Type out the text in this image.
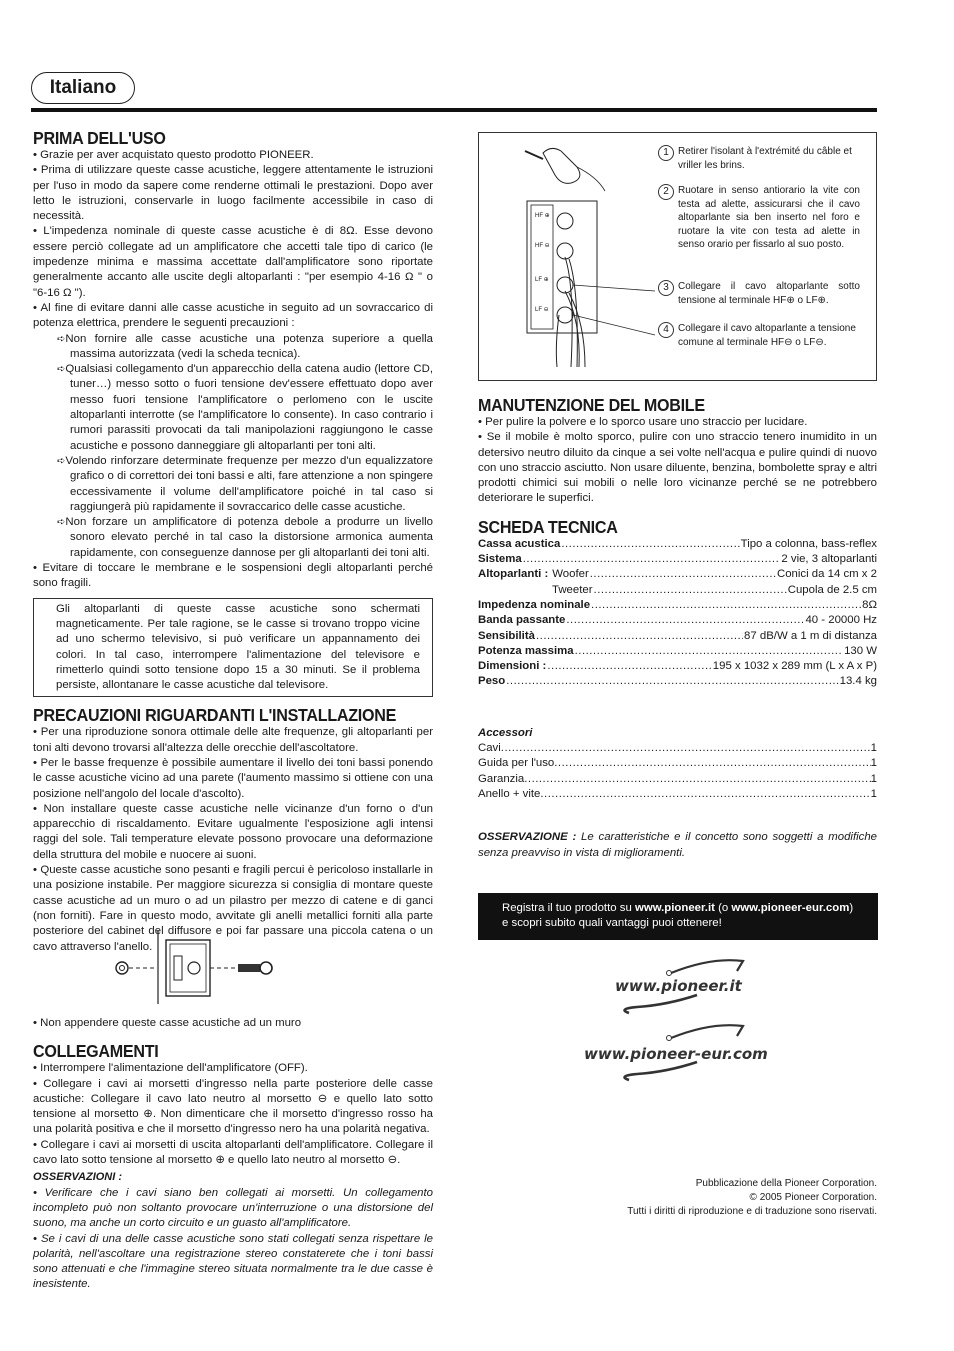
Italiano
PRIMA DELL'USO

• Grazie per aver acquistato questo prodotto PIONEER.

• Prima di utilizzare queste casse acustiche, leggere attentamente le istruzioni per l'uso in modo da sapere come renderne ottimali le prestazioni. Dopo aver letto le istruzioni, conservarle in luogo facilmente accessibile in caso di necessità.

• L'impedenza nominale di queste casse acustiche è di 8Ω. Esse devono essere perciò collegate ad un amplificatore che accetti tale tipo di carico (le impedenze minima e massima accettate dall'amplificatore sono riportate generalmente accanto alle uscite degli altoparlanti : "per esempio 4-16 Ω " o "6-16 Ω ").

• Al fine di evitare danni alle casse acustiche in seguito ad un sovraccarico di potenza elettrica, prendere le seguenti precauzioni :

➪Non fornire alle casse acustiche una potenza superiore a quella massima autorizzata (vedi la scheda tecnica).

➪Qualsiasi collegamento d'un apparecchio della catena audio (lettore CD, tuner…) messo sotto o fuori tensione dev'essere effettuato dopo aver messo fuori tensione l'amplificatore o perlomeno con le uscite altoparlanti interrotte (se l'amplificatore lo consente). In caso contrario i rumori parassiti provocati da tali manipolazioni raggiungono le casse acustiche e possono danneggiare gli altoparlanti per toni alti.

➪Volendo rinforzare determinate frequenze per mezzo d'un equalizzatore grafico o di correttori dei toni bassi e alti, fare attenzione a non spingere eccessivamente il volume dell'amplificatore poiché in tal caso si raggiungerà più rapidamente il sovraccarico delle casse acustiche.

➪Non forzare un amplificatore di potenza debole a produrre un livello sonoro elevato perché in tal caso la distorsione armonica aumenta rapidamente, con conseguenze dannose per gli altoparlanti dei toni alti.

• Evitare di toccare le membrane e le sospensioni degli altoparlanti perché sono fragili.

Gli altoparlanti di queste casse acustiche sono schermati magneticamente. Per tale ragione, se le casse si trovano troppo vicine ad uno schermo televisivo, si può verificare un appannamento dei colori. In tal caso, interrompere l'alimentazione del televisore e rimetterlo quindi sotto tensione dopo 15 a 30 minuti. Se il problema persiste, allontanare le casse acustiche dal televisore.

PRECAUZIONI RIGUARDANTI L'INSTALLAZIONE

• Per una riproduzione sonora ottimale delle alte frequenze, gli altoparlanti per toni alti devono trovarsi all'altezza delle orecchie dell'ascoltatore.

• Per le basse frequenze è possibile aumentare il livello dei toni bassi ponendo le casse acustiche vicino ad una parete (l'aumento massimo si ottiene con una posizione nell'angolo del locale d'ascolto).

• Non installare queste casse acustiche nelle vicinanze d'un forno o d'un apparecchio di riscaldamento. Evitare ugualmente l'esposizione agli intensi raggi del sole. Tali temperature elevate possono provocare una deformazione della struttura del mobile e nuocere ai suoni.

• Queste casse acustiche sono pesanti e fragili percui è pericoloso installarle in una posizione instabile. Per maggiore sicurezza si consiglia di montare queste casse acustiche ad un muro o ad un pilastro per mezzo di catene e di ganci (non forniti). Fare in questo modo, avvitate gli anelli metallici forniti alla parte posteriore del cabinet del diffusore e poi far passare una piccola catena o un cavo attraverso l'anello.

• Non appendere queste casse acustiche ad un muro

COLLEGAMENTI

• Interrompere l'alimentazione dell'amplificatore (OFF).

• Collegare i cavi ai morsetti d'ingresso nella parte posteriore delle casse acustiche: Collegare il cavo lato neutro al morsetto ⊖ e quello lato sotto tensione al morsetto ⊕. Non dimenticare che il morsetto d'ingresso rosso ha una polarità positiva e che il morsetto d'ingresso nero ha una polarità negativa.

• Collegare i cavi ai morsetti di uscita altoparlanti dell'amplificatore. Collegare il cavo lato sotto tensione al morsetto ⊕ e quello lato neutro al morsetto ⊖.

OSSERVAZIONI :

• Verificare che i cavi siano ben collegati ai morsetti. Un collegamento incompleto può non soltanto provocare un'interruzione o una distorsione del suono, ma anche un corto circuito e un guasto all'amplificatore.

• Se i cavi di una delle casse acustiche sono stati collegati senza rispettare le polarità, nell'ascoltare una registrazione stereo constaterete che i toni bassi sono attenuati e che l'immagine stereo situata normalmente tra le due casse è inesistente.

HF ⊕
HF ⊖
LF ⊕
LF ⊖
1 Retirer l'isolant à l'extrémité du câble et vriller les brins.
2 Ruotare in senso antiorario la vite con testa ad alette, assicurarsi che il cavo altoparlante sia ben inserto nel foro e ruotare la vite con testa ad alette in senso orario per fissarlo al suo posto.
3 Collegare il cavo altoparlante sotto tensione al terminale HF⊕ o LF⊕.
4 Collegare il cavo altoparlante a tensione comune al terminale HF⊖ o LF⊖.
MANUTENZIONE DEL MOBILE

• Per pulire la polvere e lo sporco usare uno straccio per lucidare.

• Se il mobile è molto sporco, pulire con uno straccio tenero inumidito in un detersivo neutro diluito da cinque a sei volte nell'acqua e pulire quindi di nuovo con uno straccio asciutto. Non usare diluente, benzina, bombolette spray e altri prodotti chimici sui mobili o nelle loro vicinanze perché se ne potrebbero deteriorare le superfici.

SCHEDA TECNICA
Cassa acustica .....	Tipo a colonna, bass-reflex
Sistema .....	2 vie, 3 altoparlanti
Altoparlanti : Woofer .....	Conici da 14 cm x 2
Tweeter .....	Cupola de 2.5 cm
Impedenza nominale .....	8Ω
Banda passante .....	40 - 20000 Hz
Sensibilità .....	87 dB/W a 1 m di distanza
Potenza massima .....	130 W
Dimensioni : .....	195 x 1032 x 289 mm (L x A x P)
Peso .....	13.4 kg

Accessori

Cavi .....	1
Guida per l'uso .....	1
Garanzia .....	1
Anello + vite .....	1

OSSERVAZIONE : Le caratteristiche e il concetto sono soggetti a modifiche senza preavviso in vista di miglioramenti.

Registra il tuo prodotto su www.pioneer.it (o www.pioneer-eur.com)
e scopri subito quali vantaggi puoi ottenere!
www.pioneer.it
www.pioneer-eur.com
Pubblicazione della Pioneer Corporation.
© 2005 Pioneer Corporation.
Tutti i diritti di riproduzione e di traduzione sono riservati.
